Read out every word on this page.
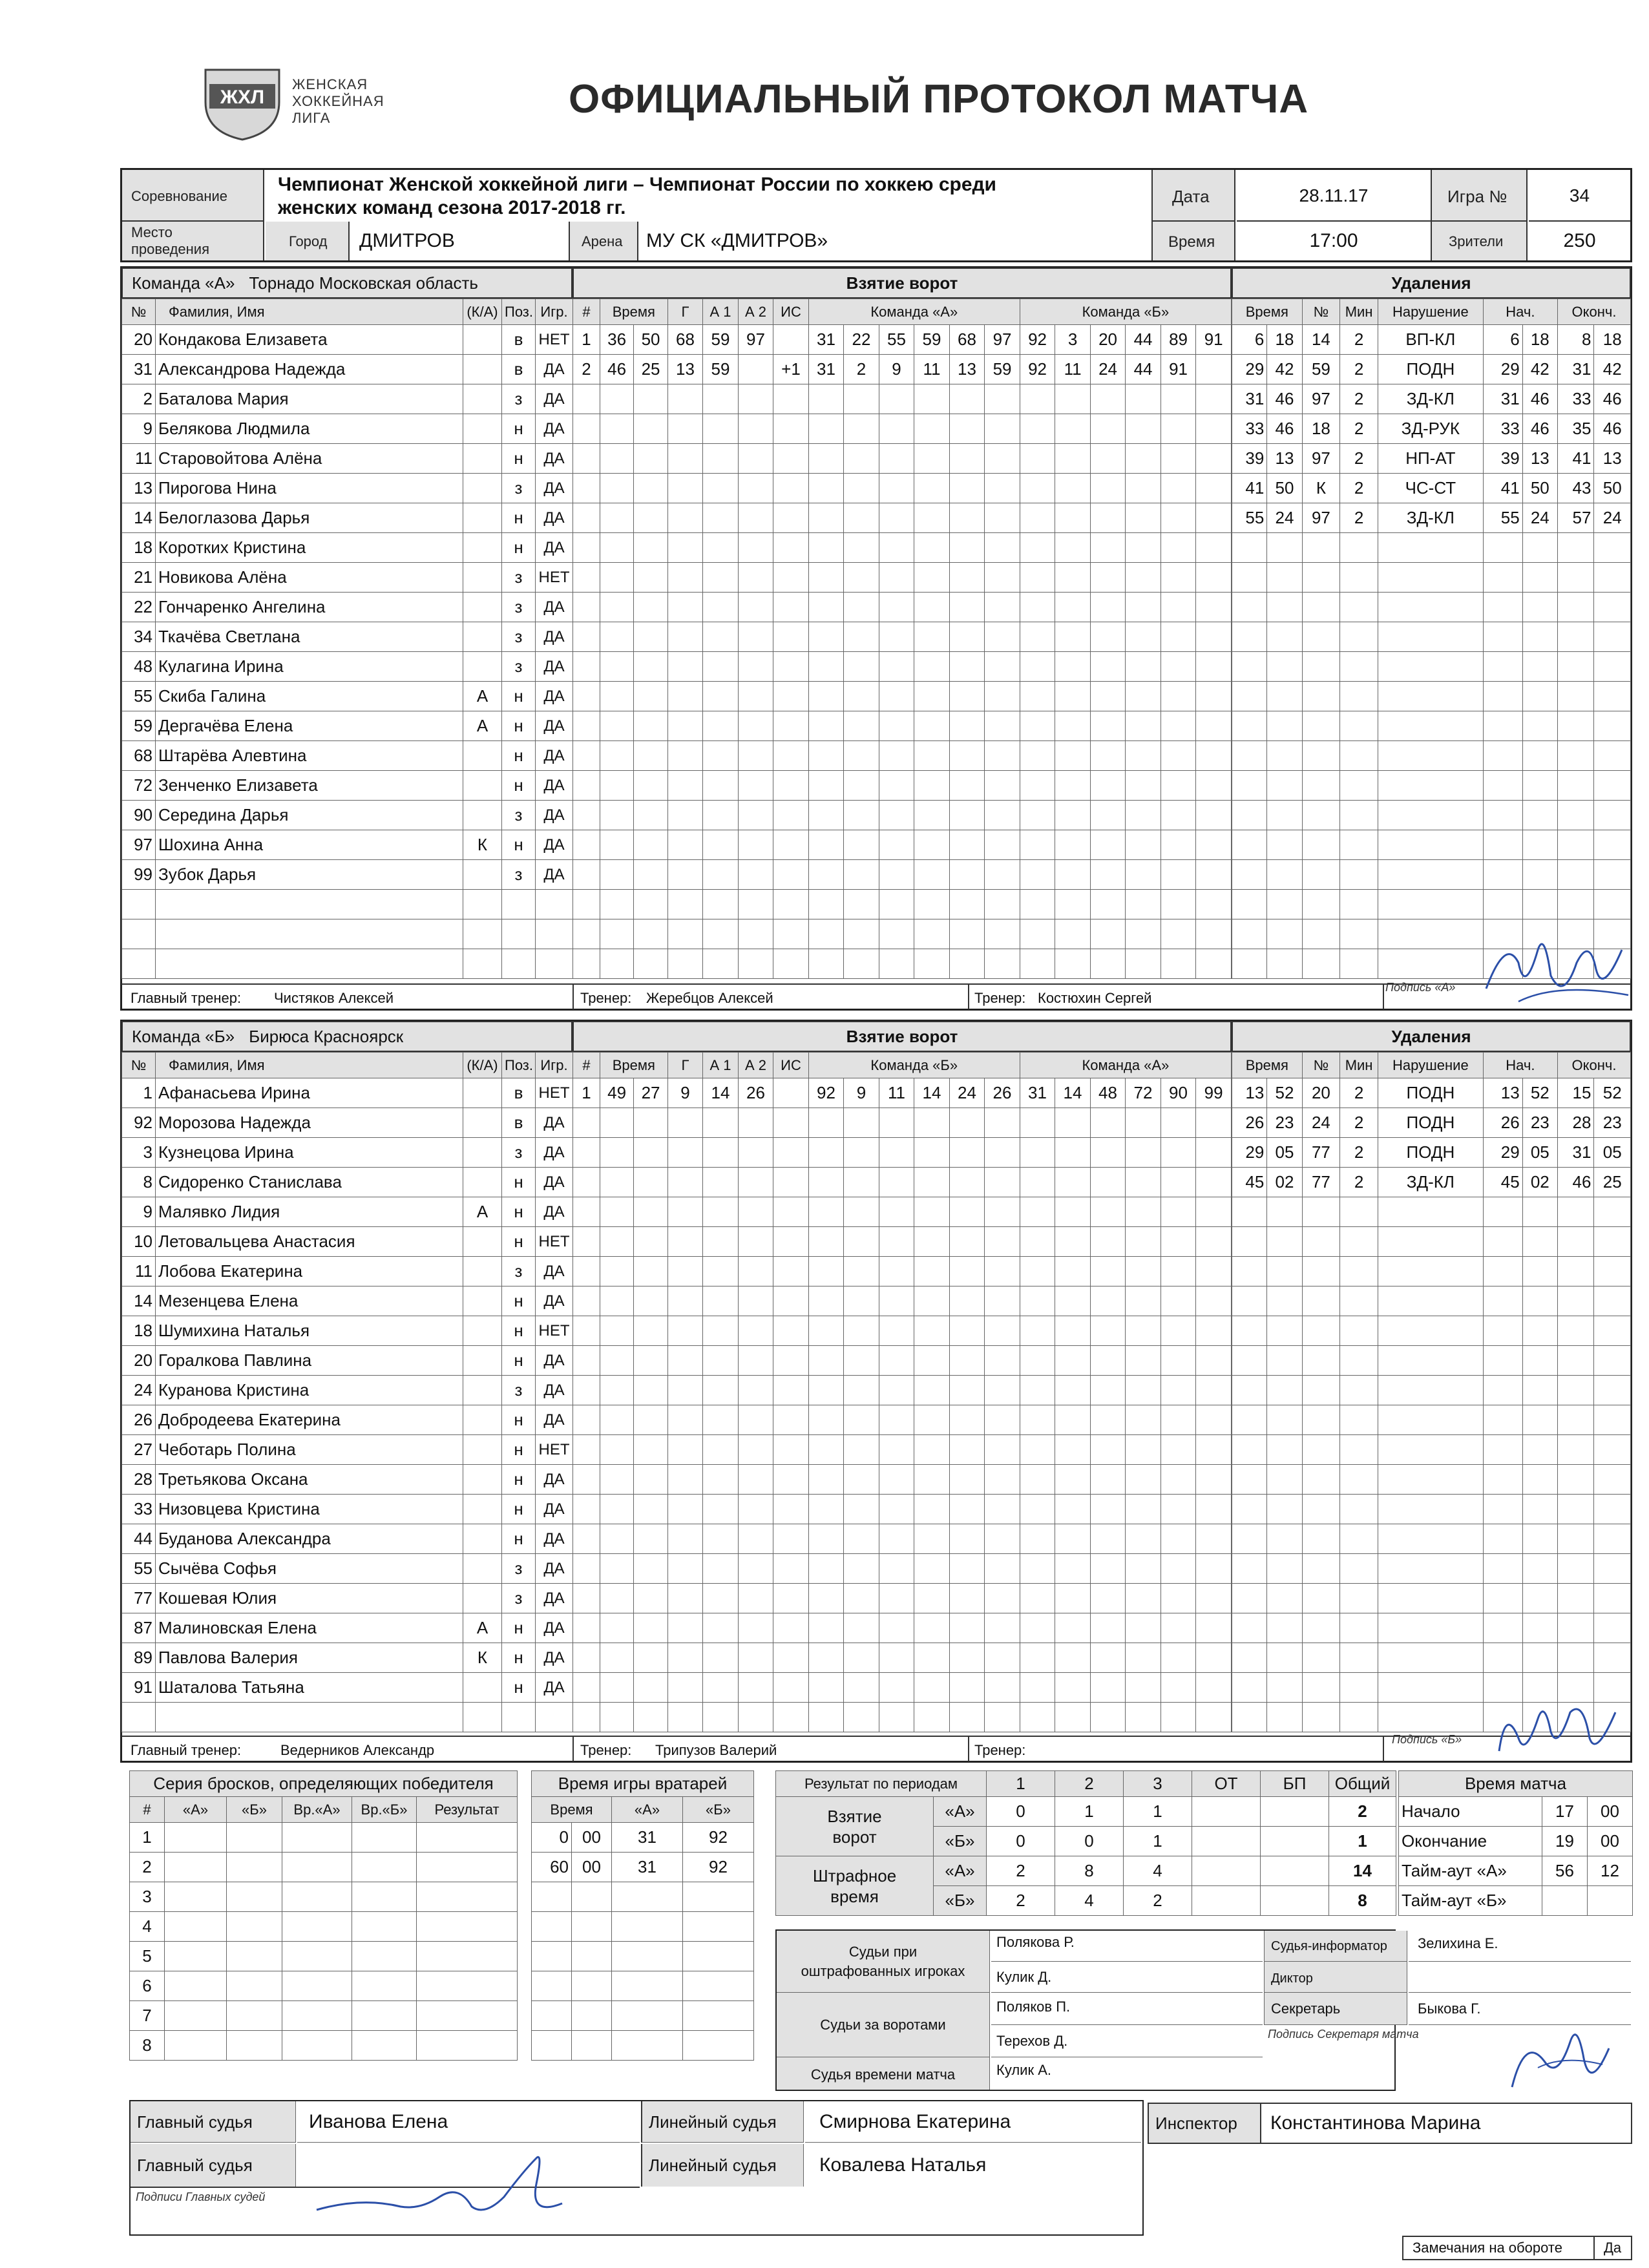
ЖХЛ
ЖЕНСКАЯ
ХОККЕЙНАЯ
ЛИГА	ОФИЦИАЛЬНЫЙ ПРОТОКОЛ МАТЧА
Соревнование
Чемпионат Женской хоккейной лиги – Чемпионат России по хоккею среди
женских команд сезона 2017-2018 гг.
Дата	28.11.17	Игра №	34
Место
проведения	Город ДМИТРОВ	Арена МУ СК «ДМИТРОВ»	Время	17:00	Зрители	250
Команда «А» Торнадо Московская область	Взятие ворот	Удаления
№	Фамилия, Имя	(К/А)	Поз.	Игр.
20	Кондакова Елизавета		в	НЕТ
31	Александрова Надежда		в	ДА
2	Баталова Мария		з	ДА
9	Белякова Людмила		н	ДА
11	Старовойтова Алёна		н	ДА
13	Пирогова Нина		з	ДА
14	Белоглазова Дарья		н	ДА
18	Коротких Кристина		н	ДА
21	Новикова Алёна		з	НЕТ
22	Гончаренко Ангелина		з	ДА
34	Ткачёва Светлана		з	ДА
48	Кулагина Ирина		з	ДА
55	Скиба Галина	А	н	ДА
59	Дергачёва Елена	А	н	ДА
68	Штарёва Алевтина		н	ДА
72	Зенченко Елизавета		н	ДА
90	Середина Дарья		з	ДА
97	Шохина Анна	К	н	ДА
99	Зубок Дарья		з	ДА

#	Время		Г	А 1	А 2	ИС	Команда «А»						Команда «Б»					
1	36	50	68	59	97		31	22	55	59	68	97	92	3	20	44	89	91
2	46	25	13	59		+1	31	2	9	11	13	59	92	11	24	44	91	

Время		№	Мин	Нарушение	Нач.		Оконч.	
6	18	14	2	ВП-КЛ	6	18	8	18
29	42	59	2	ПОДН	29	42	31	42
31	46	97	2	ЗД-КЛ	31	46	33	46
33	46	18	2	ЗД-РУК	33	46	35	46
39	13	97	2	НП-АТ	39	13	41	13
41	50	К	2	ЧС-СТ	41	50	43	50
55	24	97	2	ЗД-КЛ	55	24	57	24

Главный тренер: Чистяков Алексей	Тренер: Жеребцов Алексей	Тренер: Костюхин Сергей
Подпись «А»
Команда «Б» Бирюса Красноярск	Взятие ворот	Удаления
№	Фамилия, Имя	(К/А)	Поз.	Игр.
1	Афанасьева Ирина		в	НЕТ
92	Морозова Надежда		в	ДА
3	Кузнецова Ирина		з	ДА
8	Сидоренко Станислава		н	ДА
9	Малявко Лидия	А	н	ДА
10	Летовальцева Анастасия		н	НЕТ
11	Лобова Екатерина		з	ДА
14	Мезенцева Елена		н	ДА
18	Шумихина Наталья		н	НЕТ
20	Горалкова Павлина		н	ДА
24	Куранова Кристина		з	ДА
26	Добродеева Екатерина		н	ДА
27	Чеботарь Полина		н	НЕТ
28	Третьякова Оксана		н	ДА
33	Низовцева Кристина		н	ДА
44	Буданова Александра		н	ДА
55	Сычёва Софья		з	ДА
77	Кошевая Юлия		з	ДА
87	Малиновская Елена	А	н	ДА
89	Павлова Валерия	К	н	ДА
91	Шаталова Татьяна		н	ДА

#	Время		Г	А 1	А 2	ИС	Команда «Б»						Команда «А»					
1	49	27	9	14	26		92	9	11	14	24	26	31	14	48	72	90	99

Время		№	Мин	Нарушение	Нач.		Оконч.	
13	52	20	2	ПОДН	13	52	15	52
26	23	24	2	ПОДН	26	23	28	23
29	05	77	2	ПОДН	29	05	31	05
45	02	77	2	ЗД-КЛ	45	02	46	25

Главный тренер:	Ведерников Александр	Тренер: Трипузов Валерий	Тренер:
Подпись «Б»
Серия бросков, определяющих победителя					
#	«А»	«Б»	Вр.«А»	Вр.«Б»	Результат
1					
2					
3					
4					
5					
6					
7					
8					
Время игры вратарей			
Время		«А»	«Б»
0	00	31	92
60	00	31	92

Результат по периодам		1	2	3	ОТ	БП	Общий

Взятие
ворот	«А»	0	1	1			2
	«Б»	0	0	1			1

Штрафное
время	«А»	2	8	4			14
	«Б»	2	4	2			8
Время матча		
Начало	17	00
Окончание	19	00
Тайм-аут «А»	56	12
Тайм-аут «Б»		
Судьи при
оштрафованных игроках
Полякова Р.
Кулик Д.
Судьи за воротами
Поляков П.
Терехов Д.
Судья времени матча	Кулик А.
Судья-информатор	Зелихина Е.
Диктор
Секретарь	Быкова Г.
Подпись Секретаря матча
Главный судья	Иванова Елена	Линейный судья	Смирнова Екатерина
Главный судья	Линейный судья	Ковалева Наталья
Подписи Главных судей
Инспектор	Константинова Марина
Замечания на обороте	Да
